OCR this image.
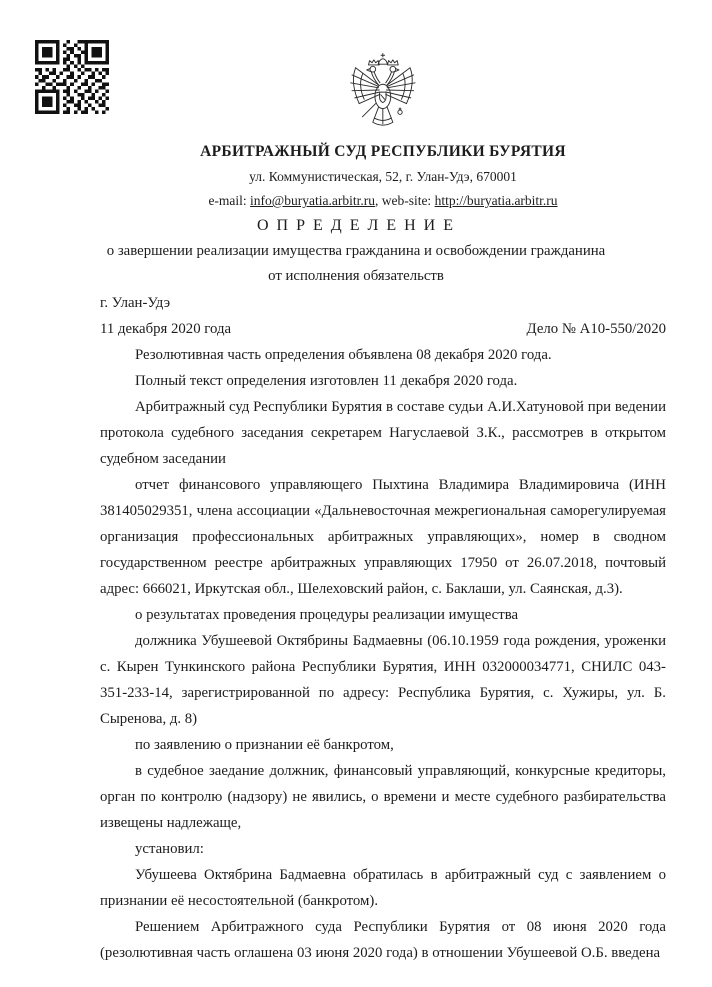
АРБИТРАЖНЫЙ СУД РЕСПУБЛИКИ БУРЯТИЯ
ул. Коммунистическая, 52, г. Улан-Удэ, 670001
e-mail: info@buryatia.arbitr.ru, web-site: http://buryatia.arbitr.ru
О П Р Е Д Е Л Е Н И Е
о завершении реализации имущества гражданина и освобождении гражданина
от исполнения обязательств
г. Улан-Удэ
11 декабря 2020 года	Дело № А10-550/2020

Резолютивная часть определения объявлена 08 декабря 2020 года.

Полный текст определения изготовлен 11 декабря 2020 года.

Арбитражный суд Республики Бурятия в составе судьи А.И.Хатуновой при ведении протокола судебного заседания секретарем Нагуслаевой З.К., рассмотрев в открытом судебном заседании

отчет финансового управляющего Пыхтина Владимира Владимировича (ИНН 381405029351, члена ассоциации «Дальневосточная межрегиональная саморегулируемая организация профессиональных арбитражных управляющих», номер в сводном государственном реестре арбитражных управляющих 17950 от 26.07.2018, почтовый адрес: 666021, Иркутская обл., Шелеховский район, с. Баклаши, ул. Саянская, д.3).

о результатах проведения процедуры реализации имущества

должника Убушеевой Октябрины Бадмаевны (06.10.1959 года рождения, уроженки с. Кырен Тункинского района Республики Бурятия, ИНН 032000034771, СНИЛС 043-351-233-14, зарегистрированной по адресу: Республика Бурятия, с. Хужиры, ул. Б. Сыренова, д. 8)

по заявлению о признании её банкротом,

в судебное заедание должник, финансовый управляющий, конкурсные кредиторы, орган по контролю (надзору) не явились, о времени и месте судебного разбирательства извещены надлежаще,

установил:

Убушеева Октябрина Бадмаевна обратилась в арбитражный суд с заявлением о признании её несостоятельной (банкротом).

Решением Арбитражного суда Республики Бурятия от 08 июня 2020 года (резолютивная часть оглашена 03 июня 2020 года) в отношении Убушеевой О.Б. введена
